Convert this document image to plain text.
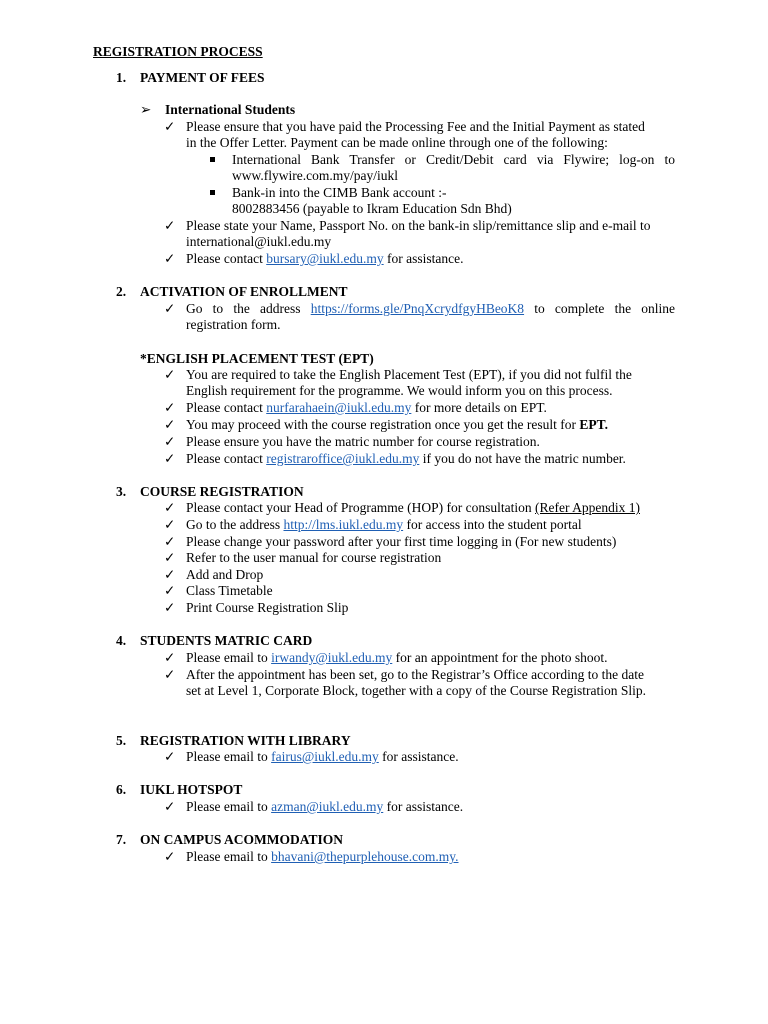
REGISTRATION PROCESS
1. PAYMENT OF FEES
➢ International Students
✓ Please ensure that you have paid the Processing Fee and the Initial Payment as stated
in the Offer Letter. Payment can be made online through one of the following:
International Bank Transfer or Credit/Debit card via Flywire; log-on to
www.flywire.com.my/pay/iukl
Bank-in into the CIMB Bank account :-
8002883456 (payable to Ikram Education Sdn Bhd)
✓ Please state your Name, Passport No. on the bank-in slip/remittance slip and e-mail to
international@iukl.edu.my
✓ Please contact bursary@iukl.edu.my for assistance.
2. ACTIVATION OF ENROLLMENT
✓ Go to the address https://forms.gle/PnqXcrydfgyHBeoK8 to complete the online
registration form.
*ENGLISH PLACEMENT TEST (EPT)
✓ You are required to take the English Placement Test (EPT), if you did not fulfil the
English requirement for the programme. We would inform you on this process.
✓ Please contact nurfarahaein@iukl.edu.my for more details on EPT.
✓ You may proceed with the course registration once you get the result for EPT.
✓ Please ensure you have the matric number for course registration.
✓ Please contact registraroffice@iukl.edu.my if you do not have the matric number.
3. COURSE REGISTRATION
✓ Please contact your Head of Programme (HOP) for consultation (Refer Appendix 1)
✓ Go to the address http://lms.iukl.edu.my for access into the student portal
✓ Please change your password after your first time logging in (For new students)
✓ Refer to the user manual for course registration
✓ Add and Drop
✓ Class Timetable
✓ Print Course Registration Slip
4. STUDENTS MATRIC CARD
✓ Please email to irwandy@iukl.edu.my for an appointment for the photo shoot.
✓ After the appointment has been set, go to the Registrar’s Office according to the date
set at Level 1, Corporate Block, together with a copy of the Course Registration Slip.
5. REGISTRATION WITH LIBRARY
✓ Please email to fairus@iukl.edu.my for assistance.
6. IUKL HOTSPOT
✓ Please email to azman@iukl.edu.my for assistance.
7. ON CAMPUS ACOMMODATION
✓ Please email to bhavani@thepurplehouse.com.my.
